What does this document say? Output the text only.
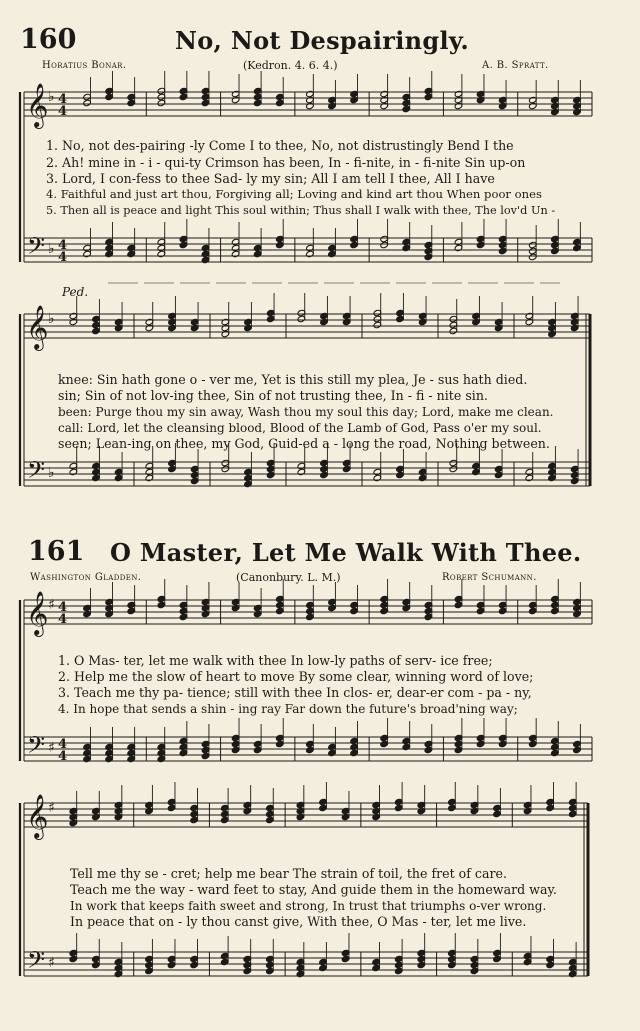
160	No, Not Despairingly.
Horatius Bonar.	(Kedron. 4. 6. 4.)	A. B. Spratt.
Ped.
1. No, not des-pairing -ly Come I to thee, No, not distrustingly Bend I the
2. Ah! mine in - i - qui-ty Crimson has been, In - fi-nite, in - fi-nite Sin up-on
3. Lord, I con-fess to thee Sad- ly my sin; All I am tell I thee, All I have
4. Faithful and just art thou, Forgiving all; Loving and kind art thou When poor ones
5. Then all is peace and light This soul within; Thus shall I walk with thee, The lov'd Un -
knee: Sin hath gone o - ver me, Yet is this still my plea, Je - sus hath died.
sin; Sin of not lov-ing thee, Sin of not trusting thee, In - fi - nite sin.
been: Purge thou my sin away, Wash thou my soul this day; Lord, make me clean.
call: Lord, let the cleansing blood, Blood of the Lamb of God, Pass o'er my soul.
seen; Lean-ing on thee, my God, Guid-ed a - long the road, Nothing between.
161 O Master, Let Me Walk With Thee.
Washington Gladden.	(Canonbury. L. M.)	Robert Schumann.
1. O Mas- ter, let me walk with thee In low-ly paths of serv- ice free;
2. Help me the slow of heart to move By some clear, winning word of love;
3. Teach me thy pa- tience; still with thee In clos- er, dear-er com - pa - ny,
4. In hope that sends a shin - ing ray Far down the future's broad'ning way;
Tell me thy se - cret; help me bear The strain of toil, the fret of care.
Teach me the way - ward feet to stay, And guide them in the homeward way.
In work that keeps faith sweet and strong, In trust that triumphs o-ver wrong.
In peace that on - ly thou canst give, With thee, O Mas - ter, let me live.
𝄞
𝄢
♭
♭
4
4
4
4
𝄞
𝄢
♭
♭
𝄞
𝄢
♯
♯
4
4
4
4
𝄞
𝄢
♯
♯
